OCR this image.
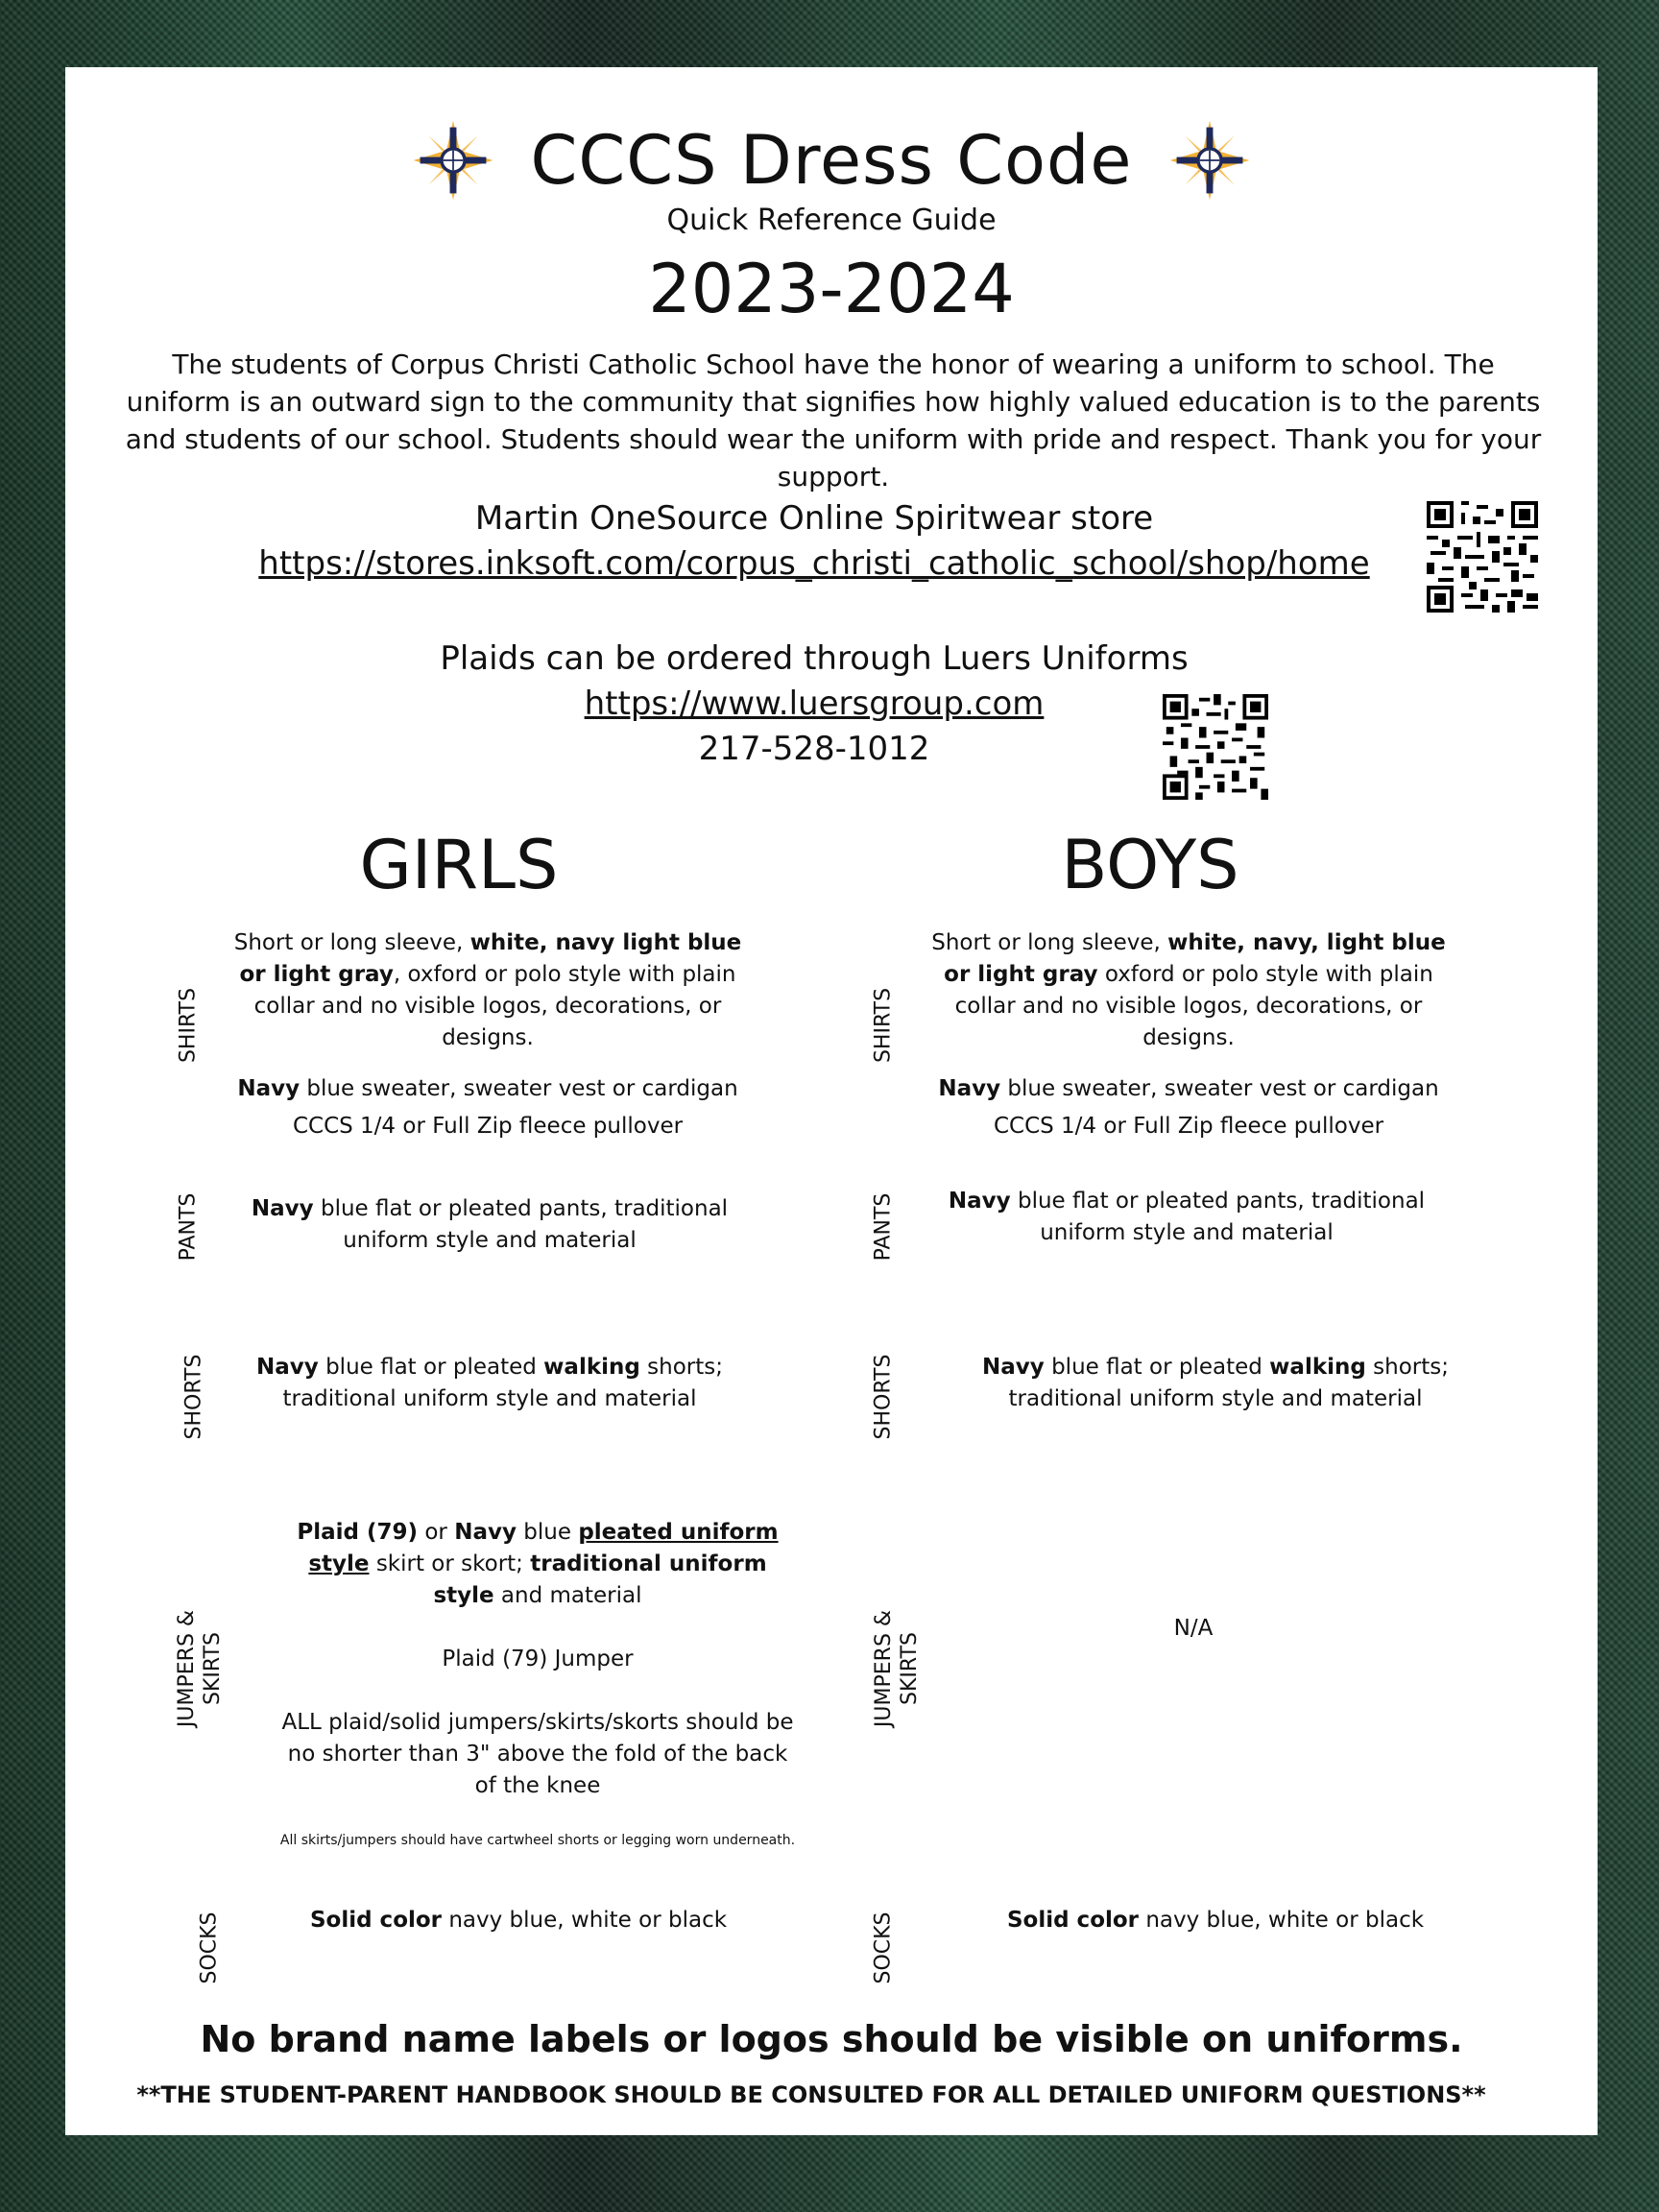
CCCS Dress Code
Quick Reference Guide
2023-2024
The students of Corpus Christi Catholic School have the honor of wearing a uniform to school. The uniform is an outward sign to the community that signifies how highly valued education is to the parents and students of our school. Students should wear the uniform with pride and respect. Thank you for your support.
Martin OneSource Online Spiritwear store
https://stores.inksoft.com/corpus_christi_catholic_school/shop/home
Plaids can be ordered through Luers Uniforms
https://www.luersgroup.com
217-528-1012
GIRLS	BOYS
SHIRTS
PANTS
SHORTS
JUMPERS & SKIRTS
SOCKS
SHIRTS
PANTS
SHORTS
JUMPERS & SKIRTS
SOCKS

Short or long sleeve, white, navy light blue or light gray, oxford or polo style with plain collar and no visible logos, decorations, or designs.

Navy blue sweater, sweater vest or cardigan

CCCS 1/4 or Full Zip fleece pullover

Navy blue flat or pleated pants, traditional uniform style and material

Navy blue flat or pleated walking shorts; traditional uniform style and material

Plaid (79) or Navy blue pleated uniform style skirt or skort; traditional uniform style and material

Plaid (79) Jumper

ALL plaid/solid jumpers/skirts/skorts should be no shorter than 3" above the fold of the back of the knee

All skirts/jumpers should have cartwheel shorts or legging worn underneath.

Solid color navy blue, white or black

Short or long sleeve, white, navy, light blue or light gray oxford or polo style with plain collar and no visible logos, decorations, or designs.

Navy blue sweater, sweater vest or cardigan

CCCS 1/4 or Full Zip fleece pullover

Navy blue flat or pleated pants, traditional uniform style and material

Navy blue flat or pleated walking shorts; traditional uniform style and material

N/A

Solid color navy blue, white or black

No brand name labels or logos should be visible on uniforms.
**THE STUDENT-PARENT HANDBOOK SHOULD BE CONSULTED FOR ALL DETAILED UNIFORM QUESTIONS**
